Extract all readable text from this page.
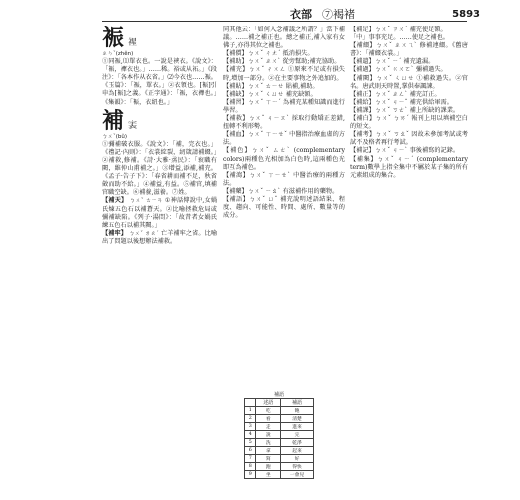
衣部 ⑦褐褚	5893
裖 𧛟
ㄓㄣˇ(zhěn)

①同裖,⑴單衣也。一說是裌衣。《說文》：「裖，襌衣也。」……稀。裕或从祏。」《段注》：「各本作从衣省。」⑵今衣也……裖。《玉篇》：「裖，單衣。」②衣領也。[裖]引申為[裖]之義。《正字通》：「裖，衣襌也。」《集韻》：「裖，衣紐也。」

補 𧙶
ㄅㄨˇ(bǔ)

①彌補破衣服。《說文》：「補，完衣也。」《禮記·內則》：「衣裳綻裂，紉箴請補綴。」②補救,修補。《詩·大雅·烝民》：「衮職有闕，維仲山甫補之。」③增益,添補,補充。《孟子·告子下》：「春省耕而補不足，秋省斂而助不給。」④補益,有益。⑤補官,填補官職空缺。⑥補養,滋養。⑦姓。

【補天】 ㄅㄨˇ ㄊㄧㄢ ①神話傳說中,女媧氏煉五色石以補蒼天。②比喻拯救危局或彌補缺陷。《列子·湯問》：「故昔者女媧氏練五色石以補其闕。」

【補牢】 ㄅㄨˇ ㄌㄠˊ 亡羊補牢之省。比喻出了問題以後想辦法補救。

同其他云：「如何入念補議之所謂？」當下補議。……補之補正也。總之補正,補入家有女佛子,亦得其位之補也。

【補償】ㄅㄨˇ ㄔㄤˊ 抵消損失。

【補助】ㄅㄨˇ ㄓㄨˋ 從旁幫助;補充協助。

【補充】ㄅㄨˇ ㄔㄨㄥ ①原來不足或有損失時,增加一部分。②在主要事物之外追加的。

【補貼】ㄅㄨˇ ㄊㄧㄝ 貼補,補助。

【補缺】ㄅㄨˇ ㄑㄩㄝ 補充缺額。

【補習】ㄅㄨˇ ㄒㄧˊ 為補充某種知識而進行學習。

【補救】ㄅㄨˇ ㄐㄧㄡˋ 採取行動矯正差錯,扭轉不利形勢。

【補血】ㄅㄨˇ ㄒㄧㄝˇ 中醫指治療血虛的方法。

【補色】ㄅㄨˇ ㄙㄜˋ (complementary colors)兩種色光相加為白色時,這兩種色光即互為補色。

【補瀉】ㄅㄨˇ ㄒㄧㄝˋ 中醫治療的兩種方法。

【補藥】ㄅㄨˇ ㄧㄠˋ 有滋補作用的藥物。

【補語】ㄅㄨˇ ㄩˇ 補充說明述語結果、程度、趨向、可能性、時間、處所、數量等的成分。

補語
	述語	補語
1	吃	飽
2	看	清楚
3	走	進來
4	說	完
5	洗	乾淨
6	拿	起來
7	寫	好
8	跑	得快
9	坐	一會兒

【補足】ㄅㄨˇ ㄗㄨˊ 補充使足額。

「中」事事充足。……使足之補也。

【補綴】ㄅㄨˇ ㄓㄨㄟˋ 修補連綴。《舊唐書》：「補綴衣裳。」

【補遺】ㄅㄨˇ ㄧˊ 補充遺漏。

【補過】ㄅㄨˇ ㄍㄨㄛˋ 彌補過失。

【補闕】ㄅㄨˇ ㄑㄩㄝ ①補救過失。②官名。唐武則天時置,掌供奉諷諫。

【補正】ㄅㄨˇ ㄓㄥˋ 補充訂正。

【補給】ㄅㄨˇ ㄐㄧˇ 補充供給軍需。

【補課】ㄅㄨˇ ㄎㄜˋ 補上所缺的課業。

【補白】ㄅㄨˇ ㄅㄞˊ 報刊上用以填補空白的短文。

【補考】ㄅㄨˇ ㄎㄠˇ 因故未參加考試或考試不及格者再行考試。

【補記】ㄅㄨˇ ㄐㄧˋ 事後補寫的記錄。

【補集】ㄅㄨˇ ㄐㄧˊ (complementary term)數學上指全集中不屬於某子集的所有元素組成的集合。
